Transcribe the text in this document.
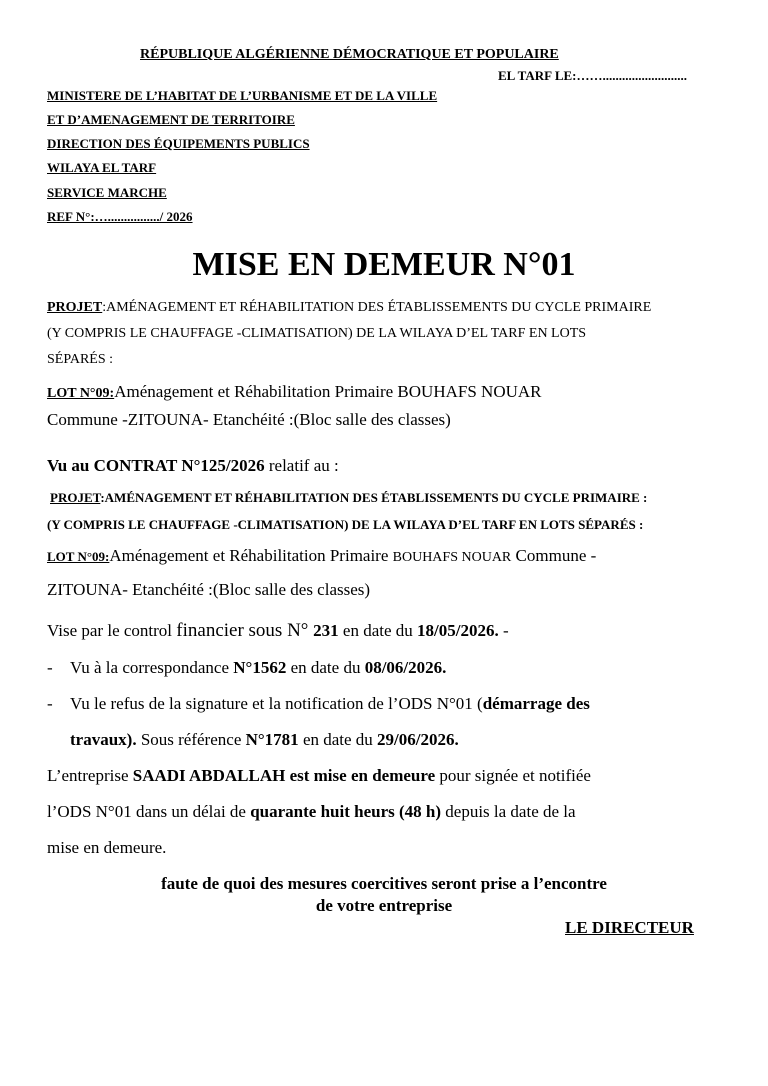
RÉPUBLIQUE ALGÉRIENNE DÉMOCRATIQUE ET POPULAIRE
EL TARF LE:……..........................
MINISTERE DE L’HABITAT DE L’URBANISME ET DE LA VILLE
ET D’AMENAGEMENT DE TERRITOIRE
DIRECTION DES ÉQUIPEMENTS PUBLICS
WILAYA EL TARF
SERVICE MARCHE
REF N°:…................/ 2026
MISE EN DEMEUR N°01
PROJET:AMÉNAGEMENT ET RÉHABILITATION DES ÉTABLISSEMENTS DU CYCLE PRIMAIRE
(Y COMPRIS LE CHAUFFAGE -CLIMATISATION) DE LA WILAYA D’EL TARF EN LOTS
SÉPARÉS :
LOT N°09:Aménagement et Réhabilitation Primaire BOUHAFS NOUAR
Commune -ZITOUNA- Etanchéité :(Bloc salle des classes)
Vu au CONTRAT N°125/2026 relatif au :
PROJET:AMÉNAGEMENT ET RÉHABILITATION DES ÉTABLISSEMENTS DU CYCLE PRIMAIRE :
(Y COMPRIS LE CHAUFFAGE -CLIMATISATION) DE LA WILAYA D’EL TARF EN LOTS SÉPARÉS :
LOT N°09:Aménagement et Réhabilitation Primaire BOUHAFS NOUAR Commune -
ZITOUNA- Etanchéité :(Bloc salle des classes)
Vise par le control financier sous N° 231 en date du 18/05/2026. -
- Vu à la correspondance N°1562 en date du 08/06/2026.
- Vu le refus de la signature et la notification de l’ODS N°01 (démarrage des
travaux). Sous référence N°1781 en date du 29/06/2026.
L’entreprise SAADI ABDALLAH est mise en demeure pour signée et notifiée
l’ODS N°01 dans un délai de quarante huit heurs (48 h) depuis la date de la
mise en demeure.
faute de quoi des mesures coercitives seront prise a l’encontre
de votre entreprise
LE DIRECTEUR
